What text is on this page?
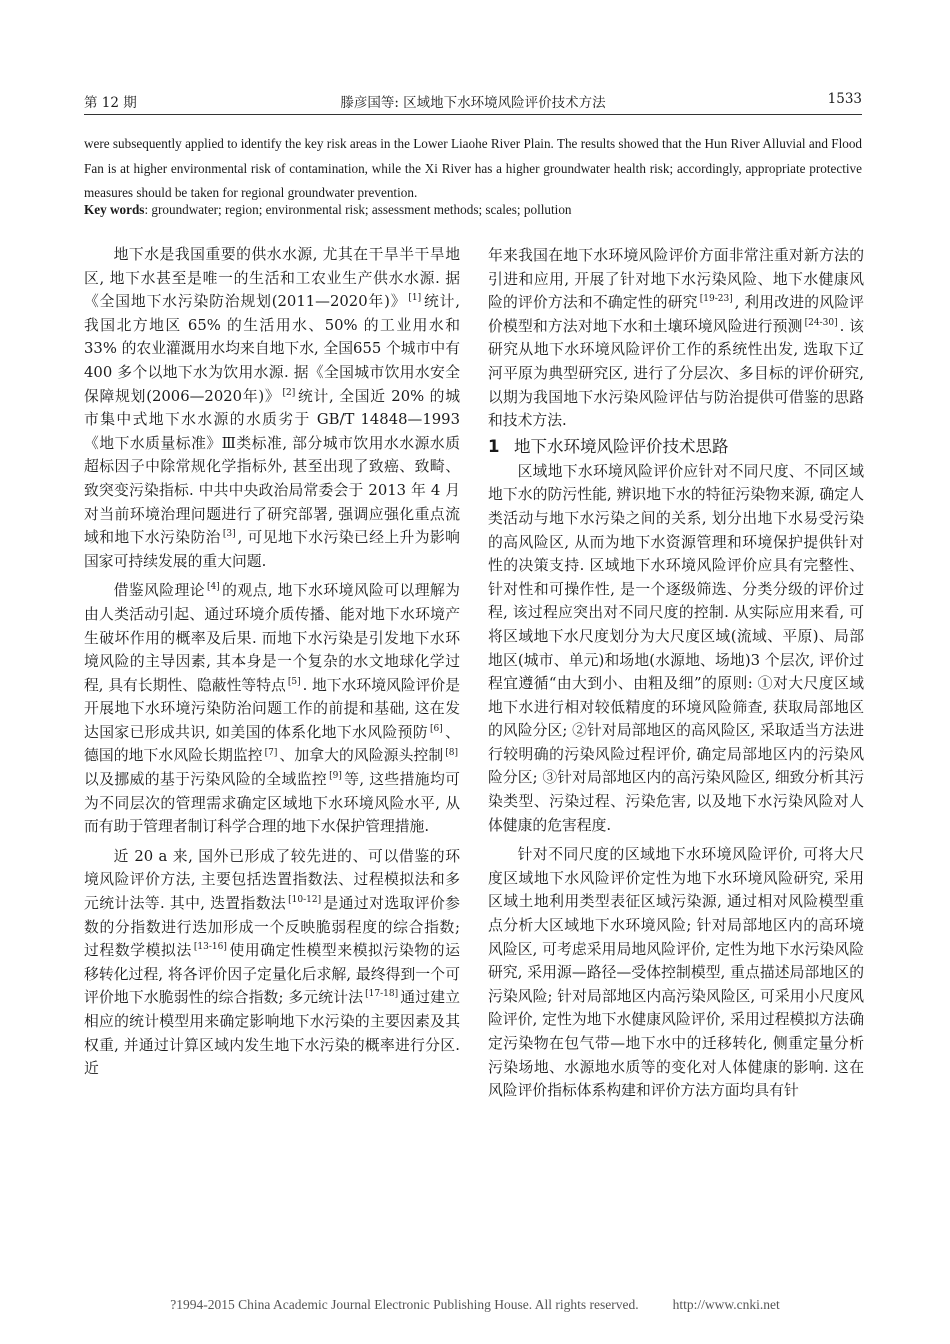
第 12 期	滕彦国等: 区域地下水环境风险评价技术方法	1533
were subsequently applied to identify the key risk areas in the Lower Liaohe River Plain. The results showed that the Hun River Alluvial and Flood Fan is at higher environmental risk of contamination, while the Xi River has a higher groundwater health risk; accordingly, appropriate protective measures should be taken for regional groundwater prevention.
Key words: groundwater; region; environmental risk; assessment methods; scales; pollution

地下水是我国重要的供水水源, 尤其在干旱半干旱地区, 地下水甚至是唯一的生活和工农业生产供水水源. 据《全国地下水污染防治规划(2011—2020年)》 [1] 统计, 我国北方地区 65% 的生活用水、50% 的工业用水和 33% 的农业灌溉用水均来自地下水, 全国655 个城市中有 400 多个以地下水为饮用水源. 据《全国城市饮用水安全保障规划(2006—2020年)》 [2] 统计, 全国近 20% 的城市集中式地下水水源的水质劣于 GB/T 14848—1993《地下水质量标准》Ⅲ类标准, 部分城市饮用水水源水质超标因子中除常规化学指标外, 甚至出现了致癌、致畸、致突变污染指标. 中共中央政治局常委会于 2013 年 4 月对当前环境治理问题进行了研究部署, 强调应强化重点流域和地下水污染防治 [3] , 可见地下水污染已经上升为影响国家可持续发展的重大问题.

借鉴风险理论 [4] 的观点, 地下水环境风险可以理解为由人类活动引起、通过环境介质传播、能对地下水环境产生破坏作用的概率及后果. 而地下水污染是引发地下水环境风险的主导因素, 其本身是一个复杂的水文地球化学过程, 具有长期性、隐蔽性等特点 [5] . 地下水环境风险评价是开展地下水环境污染防治问题工作的前提和基础, 这在发达国家已形成共识, 如美国的体系化地下水风险预防 [6] 、德国的地下水风险长期监控 [7] 、加拿大的风险源头控制 [8]以及挪威的基于污染风险的全域监控 [9] 等, 这些措施均可为不同层次的管理需求确定区域地下水环境风险水平, 从而有助于管理者制订科学合理的地下水保护管理措施.

近 20 a 来, 国外已形成了较先进的、可以借鉴的环境风险评价方法, 主要包括迭置指数法、过程模拟法和多元统计法等. 其中, 迭置指数法 [10-12] 是通过对选取评价参数的分指数进行迭加形成一个反映脆弱程度的综合指数; 过程数学模拟法 [13-16] 使用确定性模型来模拟污染物的运移转化过程, 将各评价因子定量化后求解, 最终得到一个可评价地下水脆弱性的综合指数; 多元统计法 [17-18] 通过建立相应的统计模型用来确定影响地下水污染的主要因素及其权重, 并通过计算区域内发生地下水污染的概率进行分区. 近

年来我国在地下水环境风险评价方面非常注重对新方法的引进和应用, 开展了针对地下水污染风险、地下水健康风险的评价方法和不确定性的研究 [19-23] , 利用改进的风险评价模型和方法对地下水和土壤环境风险进行预测 [24-30] . 该研究从地下水环境风险评价工作的系统性出发, 选取下辽河平原为典型研究区, 进行了分层次、多目标的评价研究, 以期为我国地下水污染风险评估与防治提供可借鉴的思路和技术方法.

1 地下水环境风险评价技术思路

区域地下水环境风险评价应针对不同尺度、不同区域地下水的防污性能, 辨识地下水的特征污染物来源, 确定人类活动与地下水污染之间的关系, 划分出地下水易受污染的高风险区, 从而为地下水资源管理和环境保护提供针对性的决策支持. 区域地下水环境风险评价应具有完整性、针对性和可操作性, 是一个逐级筛选、分类分级的评价过程, 该过程应突出对不同尺度的控制. 从实际应用来看, 可将区域地下水尺度划分为大尺度区域(流域、平原)、局部地区(城市、单元)和场地(水源地、场地)3 个层次, 评价过程宜遵循“由大到小、由粗及细”的原则: ①对大尺度区域地下水进行相对较低精度的环境风险筛查, 获取局部地区的风险分区; ②针对局部地区的高风险区, 采取适当方法进行较明确的污染风险过程评价, 确定局部地区内的污染风险分区; ③针对局部地区内的高污染风险区, 细致分析其污染类型、污染过程、污染危害, 以及地下水污染风险对人体健康的危害程度.

针对不同尺度的区域地下水环境风险评价, 可将大尺度区域地下水风险评价定性为地下水环境风险研究, 采用区域土地利用类型表征区域污染源, 通过相对风险模型重点分析大区域地下水环境风险; 针对局部地区内的高环境风险区, 可考虑采用局地风险评价, 定性为地下水污染风险研究, 采用源—路径—受体控制模型, 重点描述局部地区的污染风险; 针对局部地区内高污染风险区, 可采用小尺度风险评价, 定性为地下水健康风险评价, 采用过程模拟方法确定污染物在包气带—地下水中的迁移转化, 侧重定量分析污染场地、水源地水质等的变化对人体健康的影响. 这在风险评价指标体系构建和评价方法方面均具有针

?1994-2015 China Academic Journal Electronic Publishing House. All rights reserved.	http://www.cnki.net
